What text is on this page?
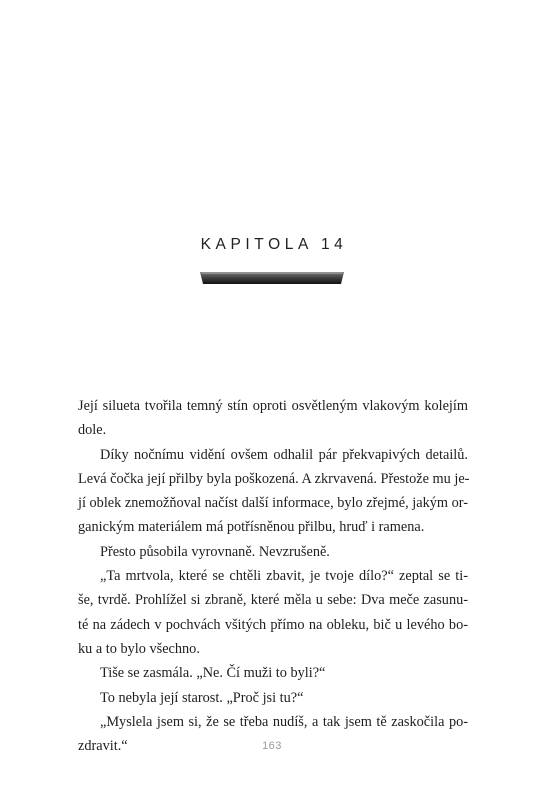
KAPITOLA 14
Její silueta tvořila temný stín oproti osvětleným vlakovým kolejím
dole.
Díky nočnímu vidění ovšem odhalil pár překvapivých detailů.
Levá čočka její přilby byla poškozená. A zkrvavená. Přestože mu je-
jí oblek znemožňoval načíst další informace, bylo zřejmé, jakým or-
ganickým materiálem má potřísněnou přilbu, hruď i ramena.
Přesto působila vyrovnaně. Nevzrušeně.
„Ta mrtvola, které se chtěli zbavit, je tvoje dílo?“ zeptal se ti-
še, tvrdě. Prohlížel si zbraně, které měla u sebe: Dva meče zasunu-
té na zádech v pochvách všitých přímo na obleku, bič u levého bo-
ku a to bylo všechno.
Tiše se zasmála. „Ne. Čí muži to byli?“
To nebyla její starost. „Proč jsi tu?“
„Myslela jsem si, že se třeba nudíš, a tak jsem tě zaskočila po-
zdravit.“	163
